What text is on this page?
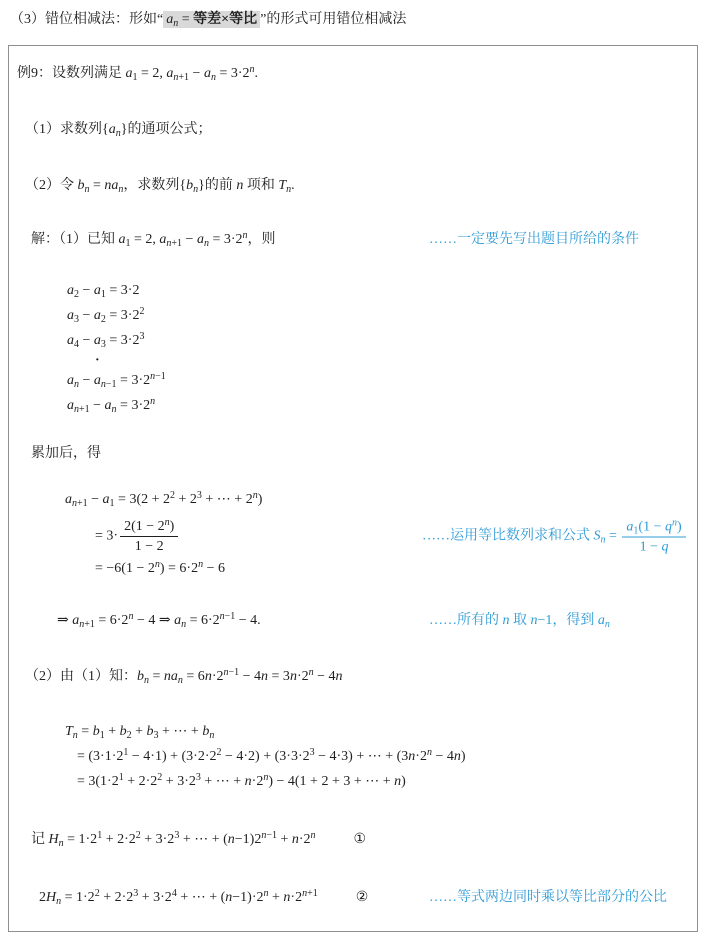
（3）错位相减法：形如“ $a_n$ = 等差×等比 ”的形式可用错位相减法
例9：设数列满足 $a_1 = 2$, $a_{n+1} - a_n = 3\cdot 2^n$.
（1）求数列$\{a_n\}$的通项公式；
（2）令 $b_n = na_n$，求数列$\{b_n\}$的前 n 项和 $T_n$.
解：（1）已知 $a_1 = 2$, $a_{n+1} - a_n = 3\cdot 2^n$，则	……一定要先写出题目所给的条件
$a_2 - a_1 = 3\cdot 2$
$a_3 - a_2 = 3\cdot 2^2$
$a_4 - a_3 = 3\cdot 2^3$
·
$a_n - a_{n-1} = 3\cdot 2^{n-1}$
$a_{n+1} - a_n = 3\cdot 2^n$
累加后，得
$a_{n+1} - a_1 = 3(2 + 2^2 + 2^3$ + ⋯ + $2^n$)
= $3\cdot \frac{2(1 - 2^n)}{1 - 2}$	……运用等比数列求和公式 $S_n = \frac{a_1(1 - q^n)}{1 - q}$
= $-6(1 - 2^n) = 6\cdot 2^n - 6$
⇒ $a_{n+1} = 6\cdot 2^n - 4$ ⇒ $a_n = 6\cdot 2^{n-1} - 4$.	……所有的 n 取 n−1，得到 $a_n$
（2）由（1）知：$b_n = na_n = 6n\cdot 2^{n-1} - 4n = 3n\cdot 2^n - 4n$
$T_n = b_1 + b_2 + b_3$ + ⋯ + $b_n$
= $(3\cdot 1\cdot 2^1 - 4\cdot 1) + (3\cdot 2\cdot 2^2 - 4\cdot 2) + (3\cdot 3\cdot 2^3 - 4\cdot 3)$ + ⋯ + $(3n\cdot 2^n - 4n)$
= $3(1\cdot 2^1 + 2\cdot 2^2 + 3\cdot 2^3$ + ⋯ + $n\cdot 2^n) - 4(1 + 2 + 3$ + ⋯ + n)
记 $H_n = 1\cdot 2^1 + 2\cdot 2^2 + 3\cdot 2^3$ + ⋯ + $(n-1)2^{n-1} + n\cdot 2^n$	①
$2H_n = 1\cdot 2^2 + 2\cdot 2^3 + 3\cdot 2^4$ + ⋯ + $(n-1)\cdot 2^n + n\cdot 2^{n+1}$	②	……等式两边同时乘以等比部分的公比
